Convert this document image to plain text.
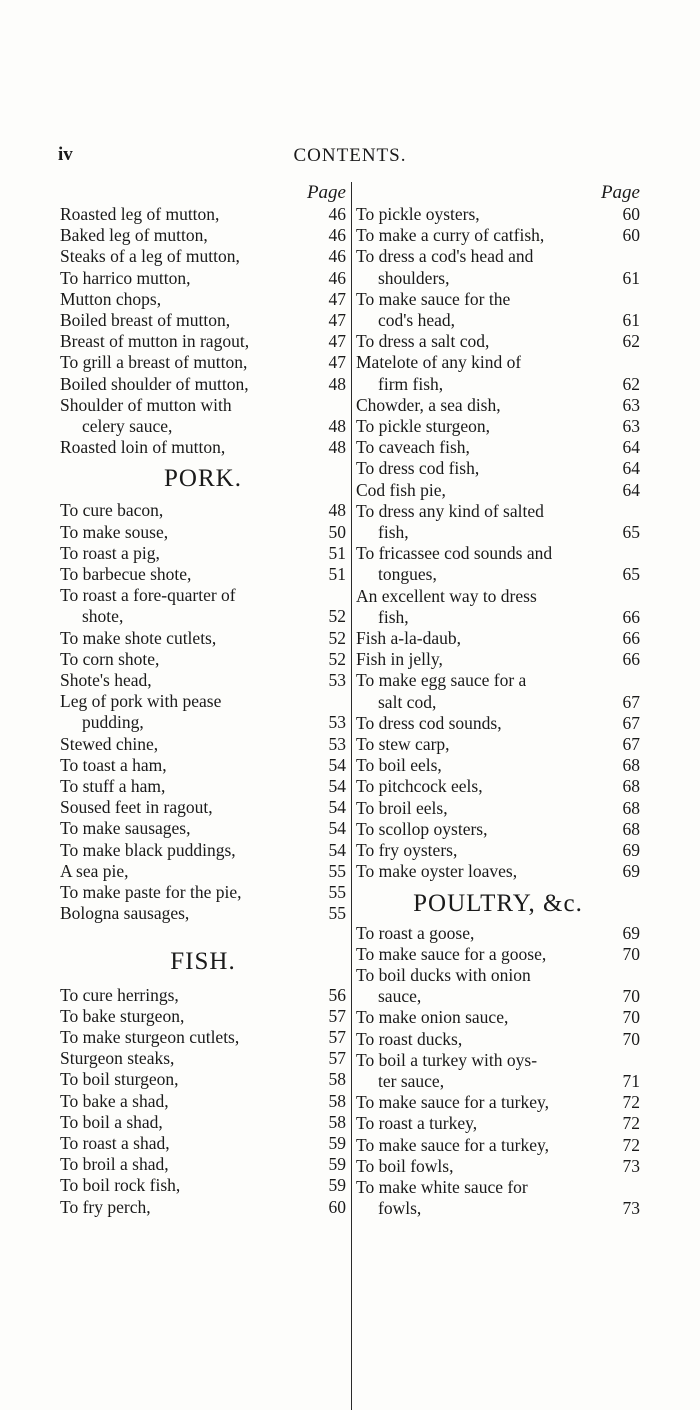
iv	CONTENTS.
Page
Roasted leg of mutton,	46
Baked leg of mutton,	46
Steaks of a leg of mutton,	46
To harrico mutton,	46
Mutton chops,	47
Boiled breast of mutton,	47
Breast of mutton in ragout,	47
To grill a breast of mutton,	47
Boiled shoulder of mutton,	48
Shoulder of mutton with
celery sauce,	48
Roasted loin of mutton,	48
PORK.
To cure bacon,	48
To make souse,	50
To roast a pig,	51
To barbecue shote,	51
To roast a fore-quarter of
shote,	52
To make shote cutlets,	52
To corn shote,	52
Shote's head,	53
Leg of pork with pease
pudding,	53
Stewed chine,	53
To toast a ham,	54
To stuff a ham,	54
Soused feet in ragout,	54
To make sausages,	54
To make black puddings,	54
A sea pie,	55
To make paste for the pie,	55
Bologna sausages,	55
FISH.
To cure herrings,	56
To bake sturgeon,	57
To make sturgeon cutlets,	57
Sturgeon steaks,	57
To boil sturgeon,	58
To bake a shad,	58
To boil a shad,	58
To roast a shad,	59
To broil a shad,	59
To boil rock fish,	59
To fry perch,	60
Page
To pickle oysters,	60
To make a curry of catfish,	60
To dress a cod's head and
shoulders,	61
To make sauce for the
cod's head,	61
To dress a salt cod,	62
Matelote of any kind of
firm fish,	62
Chowder, a sea dish,	63
To pickle sturgeon,	63
To caveach fish,	64
To dress cod fish,	64
Cod fish pie,	64
To dress any kind of salted
fish,	65
To fricassee cod sounds and
tongues,	65
An excellent way to dress
fish,	66
Fish a-la-daub,	66
Fish in jelly,	66
To make egg sauce for a
salt cod,	67
To dress cod sounds,	67
To stew carp,	67
To boil eels,	68
To pitchcock eels,	68
To broil eels,	68
To scollop oysters,	68
To fry oysters,	69
To make oyster loaves,	69
POULTRY, &c.
To roast a goose,	69
To make sauce for a goose,	70
To boil ducks with onion
sauce,	70
To make onion sauce,	70
To roast ducks,	70
To boil a turkey with oys-
ter sauce,	71
To make sauce for a turkey,	72
To roast a turkey,	72
To make sauce for a turkey,	72
To boil fowls,	73
To make white sauce for
fowls,	73
